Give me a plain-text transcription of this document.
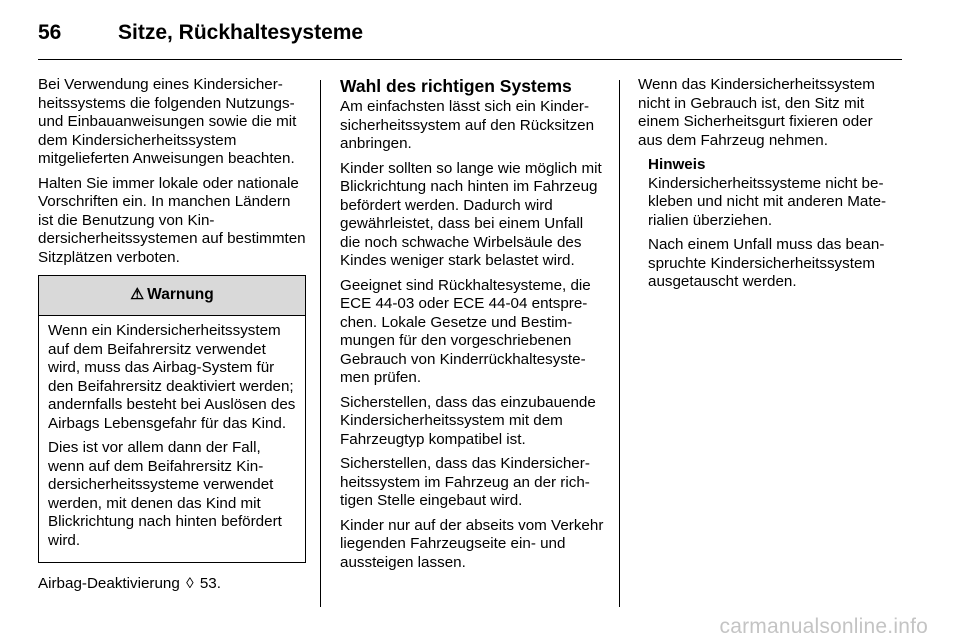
56	Sitze, Rückhaltesysteme

Bei Verwendung eines Kindersicherheitssystems die folgenden Nutzungs- und Einbauanweisungen sowie die mit dem Kindersicherheitssystem mitgelieferten Anweisungen beachten.

Halten Sie immer lokale oder nationale Vorschriften ein. In manchen Ländern ist die Benutzung von Kindersicherheitssystemen auf bestimmten Sitzplätzen verboten.

⚠ Warnung

Wenn ein Kindersicherheitssystem auf dem Beifahrersitz verwendet wird, muss das Airbag-System für den Beifahrersitz deaktiviert werden; andernfalls besteht bei Auslösen des Airbags Lebensgefahr für das Kind.

Dies ist vor allem dann der Fall, wenn auf dem Beifahrersitz Kindersicherheitssysteme verwendet werden, mit denen das Kind mit Blickrichtung nach hinten befördert wird.

Airbag-Deaktivierung ◊ 53.

Wahl des richtigen Systems

Am einfachsten lässt sich ein Kindersicherheitssystem auf den Rücksitzen anbringen.

Kinder sollten so lange wie möglich mit Blickrichtung nach hinten im Fahrzeug befördert werden. Dadurch wird gewährleistet, dass bei einem Unfall die noch schwache Wirbelsäule des Kindes weniger stark belastet wird.

Geeignet sind Rückhaltesysteme, die ECE 44-03 oder ECE 44-04 entsprechen. Lokale Gesetze und Bestimmungen für den vorgeschriebenen Gebrauch von Kinderrückhaltesystemen prüfen.

Sicherstellen, dass das einzubauende Kindersicherheitssystem mit dem Fahrzeugtyp kompatibel ist.

Sicherstellen, dass das Kindersicherheitssystem im Fahrzeug an der richtigen Stelle eingebaut wird.

Kinder nur auf der abseits vom Verkehr liegenden Fahrzeugseite ein- und aussteigen lassen.

Wenn das Kindersicherheitssystem nicht in Gebrauch ist, den Sitz mit einem Sicherheitsgurt fixieren oder aus dem Fahrzeug nehmen.

Hinweis

Kindersicherheitssysteme nicht bekleben und nicht mit anderen Materialien überziehen.

Nach einem Unfall muss das beanspruchte Kindersicherheitssystem ausgetauscht werden.

carmanualsonline.info
